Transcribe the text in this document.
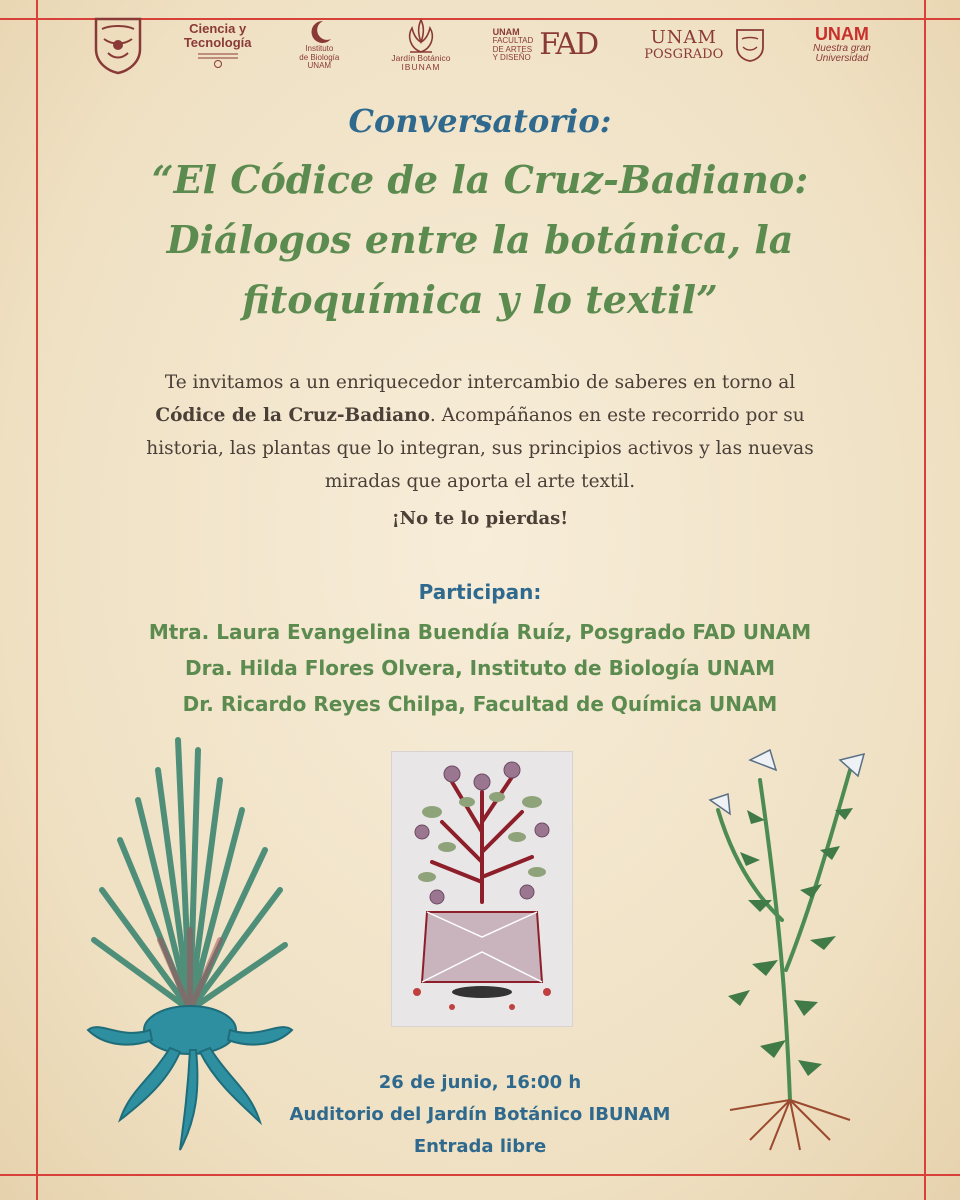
Ciencia y
Tecnología	Instituto
de Biología
UNAM
Jardín Botánico
IBUNAM
UNAM
FACULTAD
DE ARTES
Y DISEÑO FAD	UNAM
POSGRADO
UNAM
Nuestra gran
Universidad
Conversatorio:
“El Códice de la Cruz-Badiano:
Diálogos entre la botánica, la
fitoquímica y lo textil”
Te invitamos a un enriquecedor intercambio de saberes en torno al
Códice de la Cruz-Badiano. Acompáñanos en este recorrido por su
historia, las plantas que lo integran, sus principios activos y las nuevas
miradas que aporta el arte textil.
¡No te lo pierdas!
Participan:
Mtra. Laura Evangelina Buendía Ruíz, Posgrado FAD UNAM
Dra. Hilda Flores Olvera, Instituto de Biología UNAM
Dr. Ricardo Reyes Chilpa, Facultad de Química UNAM
26 de junio, 16:00 h
Auditorio del Jardín Botánico IBUNAM
Entrada libre
